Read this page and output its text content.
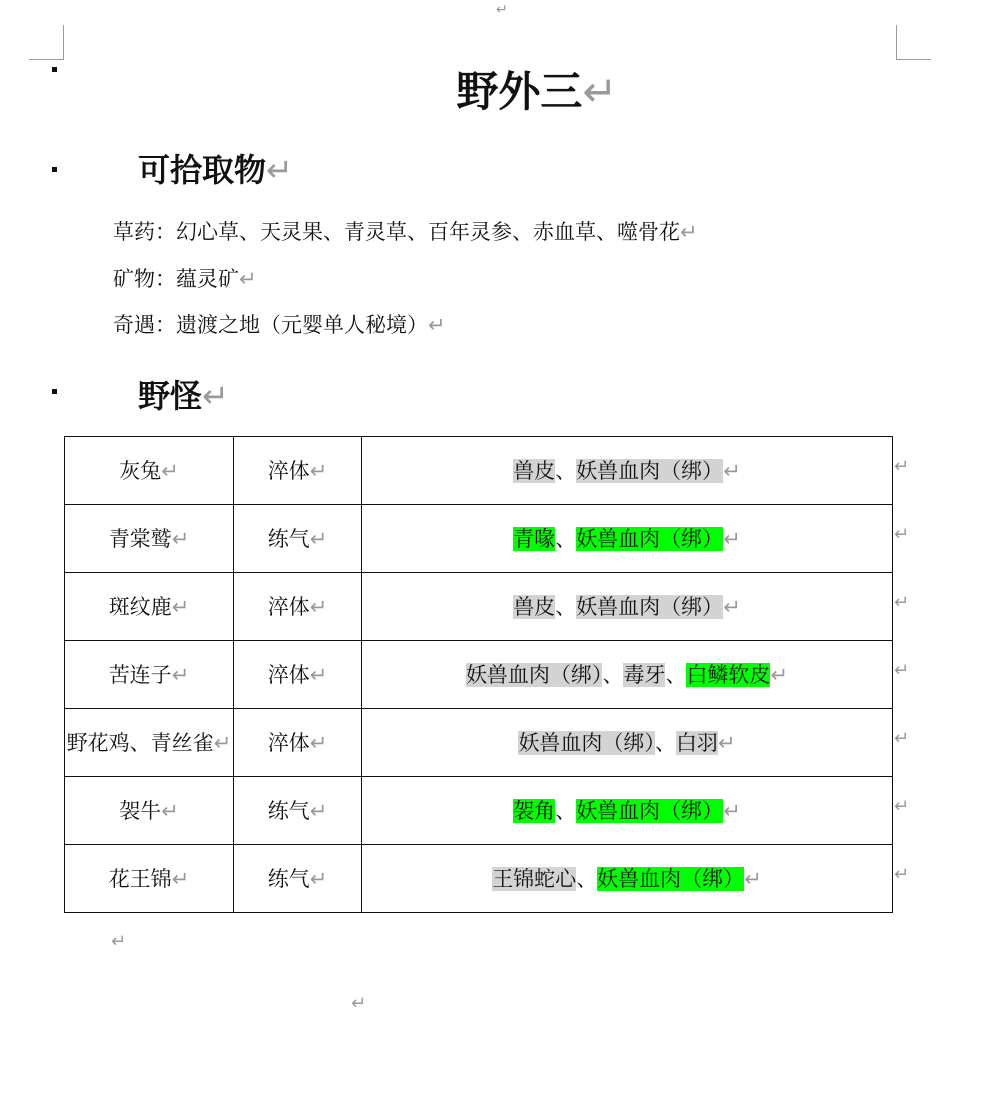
↵
野外三↵
可拾取物↵
草药：幻心草、天灵果、青灵草、百年灵参、赤血草、噬骨花↵
矿物：蕴灵矿↵
奇遇：遗渡之地（元婴单人秘境）↵
野怪↵
灰兔↵	淬体↵	兽皮、妖兽血肉（绑）↵
青棠鹫↵	练气↵	青喙、妖兽血肉（绑）↵
斑纹鹿↵	淬体↵	兽皮、妖兽血肉（绑）↵
苦连子↵	淬体↵	妖兽血肉（绑）、毒牙、白鳞软皮↵
野花鸡、青丝雀↵	淬体↵	妖兽血肉（绑）、白羽↵
袈牛↵	练气↵	袈角、妖兽血肉（绑）↵
花王锦↵	练气↵	王锦蛇心、妖兽血肉（绑）↵
↵
↵
↵
↵
↵
↵
↵
↵
↵
